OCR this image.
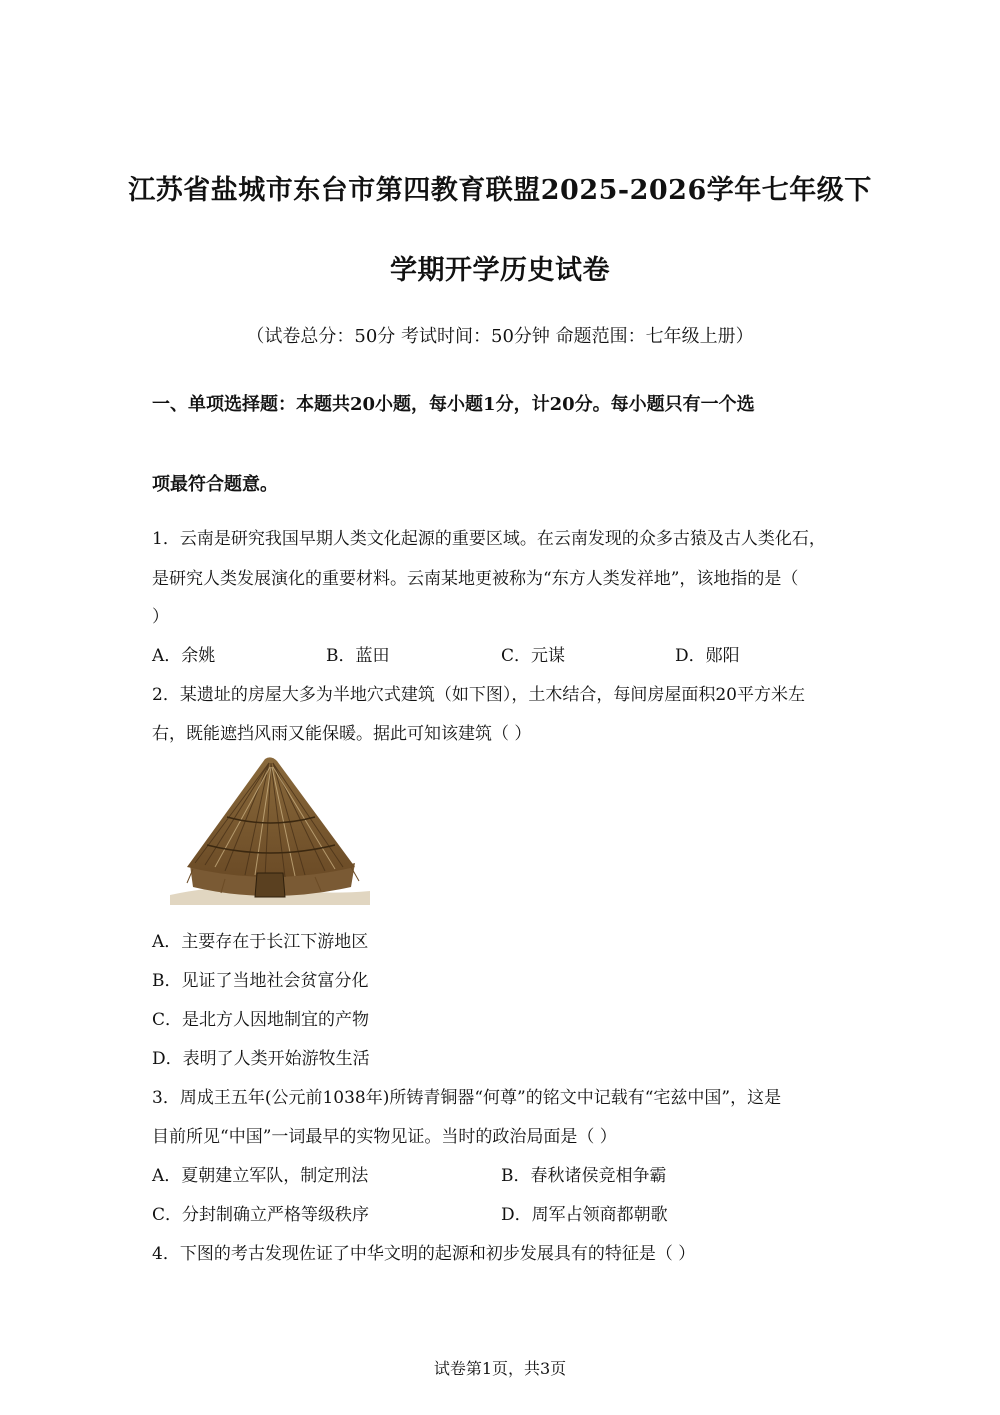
江苏省盐城市东台市第四教育联盟2025-2026学年七年级下
学期开学历史试卷
（试卷总分：50分 考试时间：50分钟 命题范围：七年级上册）
一、单项选择题：本题共20小题，每小题1分，计20分。每小题只有一个选
项最符合题意。
1．云南是研究我国早期人类文化起源的重要区域。在云南发现的众多古猿及古人类化石，
是研究人类发展演化的重要材料。云南某地更被称为“东方人类发祥地”，该地指的是（
）
A．余姚	B．蓝田	C．元谋	D．郧阳
2．某遗址的房屋大多为半地穴式建筑（如下图），土木结合，每间房屋面积20平方米左
右，既能遮挡风雨又能保暖。据此可知该建筑（ ）
A．主要存在于长江下游地区
B．见证了当地社会贫富分化
C．是北方人因地制宜的产物
D．表明了人类开始游牧生活
3．周成王五年(公元前1038年)所铸青铜器“何尊”的铭文中记载有“宅兹中国”，这是
目前所见“中国”一词最早的实物见证。当时的政治局面是（ ）
A．夏朝建立军队，制定刑法	B．春秋诸侯竞相争霸
C．分封制确立严格等级秩序	D．周军占领商都朝歌
4．下图的考古发现佐证了中华文明的起源和初步发展具有的特征是（ ）
试卷第1页，共3页
